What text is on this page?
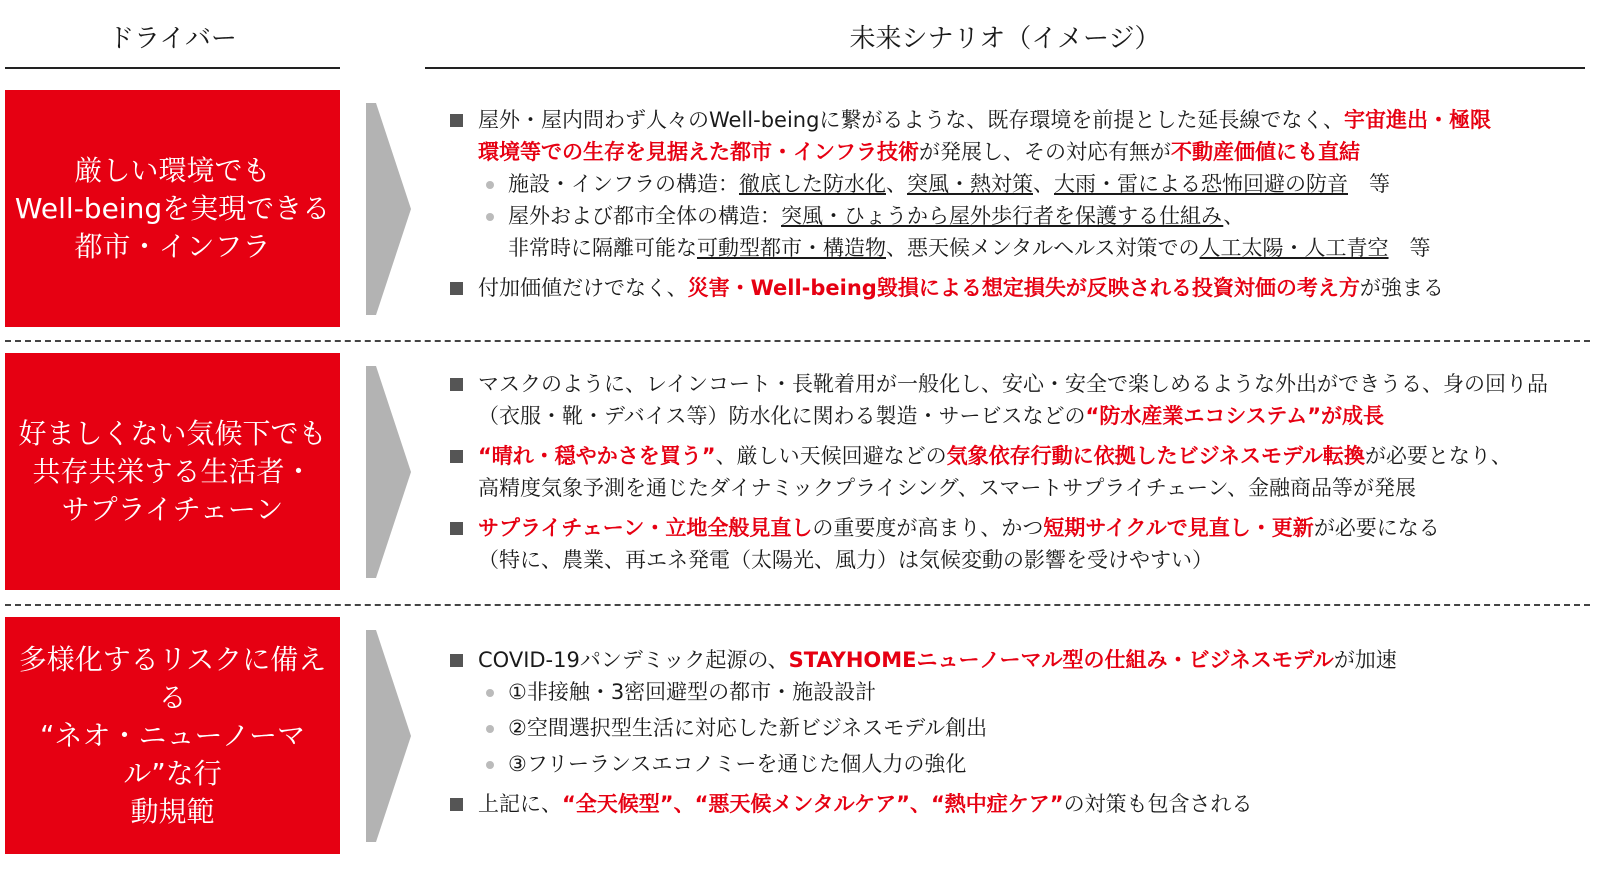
ドライバー	未来シナリオ（イメージ）
厳しい環境でも
Well-beingを実現できる
都市・インフラ
好ましくない気候下でも
共存共栄する生活者・
サプライチェーン
多様化するリスクに備える
“ネオ・ニューノーマル”な行
動規範

屋外・屋内問わず人々のWell-beingに繋がるような、既存環境を前提とした延長線でなく、宇宙進出・極限

環境等での生存を見据えた都市・インフラ技術が発展し、その対応有無が不動産価値にも直結

施設・インフラの構造：徹底した防水化、突風・熱対策、大雨・雷による恐怖回避の防音　等

屋外および都市全体の構造：突風・ひょうから屋外歩行者を保護する仕組み、

非常時に隔離可能な可動型都市・構造物、悪天候メンタルヘルス対策での人工太陽・人工青空　等

付加価値だけでなく、災害・Well-being毀損による想定損失が反映される投資対価の考え方が強まる

マスクのように、レインコート・長靴着用が一般化し、安心・安全で楽しめるような外出ができうる、身の回り品

（衣服・靴・デバイス等）防水化に関わる製造・サービスなどの“防水産業エコシステム”が成長

“晴れ・穏やかさを買う”、厳しい天候回避などの気象依存行動に依拠したビジネスモデル転換が必要となり、

高精度気象予測を通じたダイナミックプライシング、スマートサプライチェーン、金融商品等が発展

サプライチェーン・立地全般見直しの重要度が高まり、かつ短期サイクルで見直し・更新が必要になる

（特に、農業、再エネ発電（太陽光、風力）は気候変動の影響を受けやすい）

COVID-19パンデミック起源の、STAYHOMEニューノーマル型の仕組み・ビジネスモデルが加速

①非接触・3密回避型の都市・施設設計

②空間選択型生活に対応した新ビジネスモデル創出

③フリーランスエコノミーを通じた個人力の強化

上記に、“全天候型”、“悪天候メンタルケア”、“熱中症ケア”の対策も包含される
